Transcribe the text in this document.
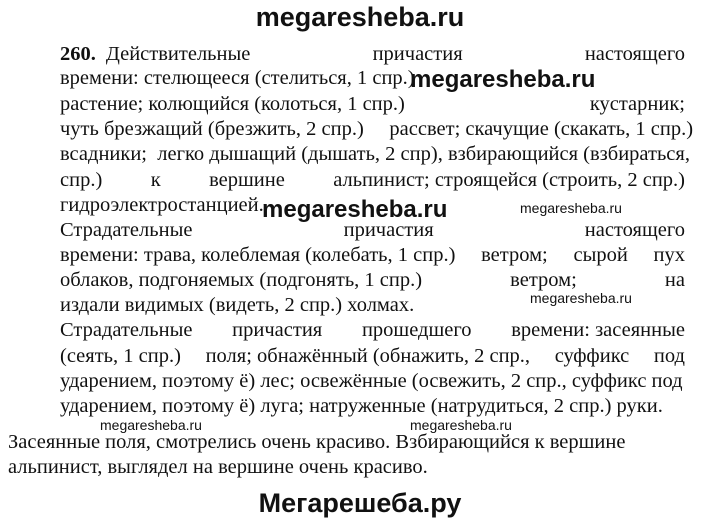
megaresheba.ru
260. Действительные	причастия	настоящего
времени: стелющееся (стелиться, 1 спр.)
растение; колющийся (колоться, 1 спр.)	кустарник;
чуть брезжащий (брезжить, 2 спр.)     рассвет; скачущие (скакать, 1 спр.)
всадники;  легко дышащий (дышать, 2 спр), взбирающийся (взбираться,
спр.) к вершине альпинист; строящейся (строить, 2 спр.)
гидроэлектростанцией.
Страдательные	причастия	настоящего
времени: трава, колеблемая (колебать, 1 спр.) ветром; сырой пух
облаков, подгоняемых (подгонять, 1 спр.)	ветром;	на
издали видимых (видеть, 2 спр.) холмах.
Страдательные причастия прошедшего времени: засеянные
(сеять, 1 спр.) поля; обнажённый (обнажить, 2 спр., суффикс под
ударением, поэтому ё) лес; освежённые (освежить, 2 спр., суффикс под
ударением, поэтому ё) луга; натруженные (натрудиться, 2 спр.) руки.
Засеянные поля, смотрелись очень красиво. Взбирающийся к вершине
альпинист, выглядел на вершине очень красиво.
megaresheba.ru
megaresheba.ru	megaresheba.ru
megaresheba.ru
megaresheba.ru	megaresheba.ru
Мегарешеба.ру
